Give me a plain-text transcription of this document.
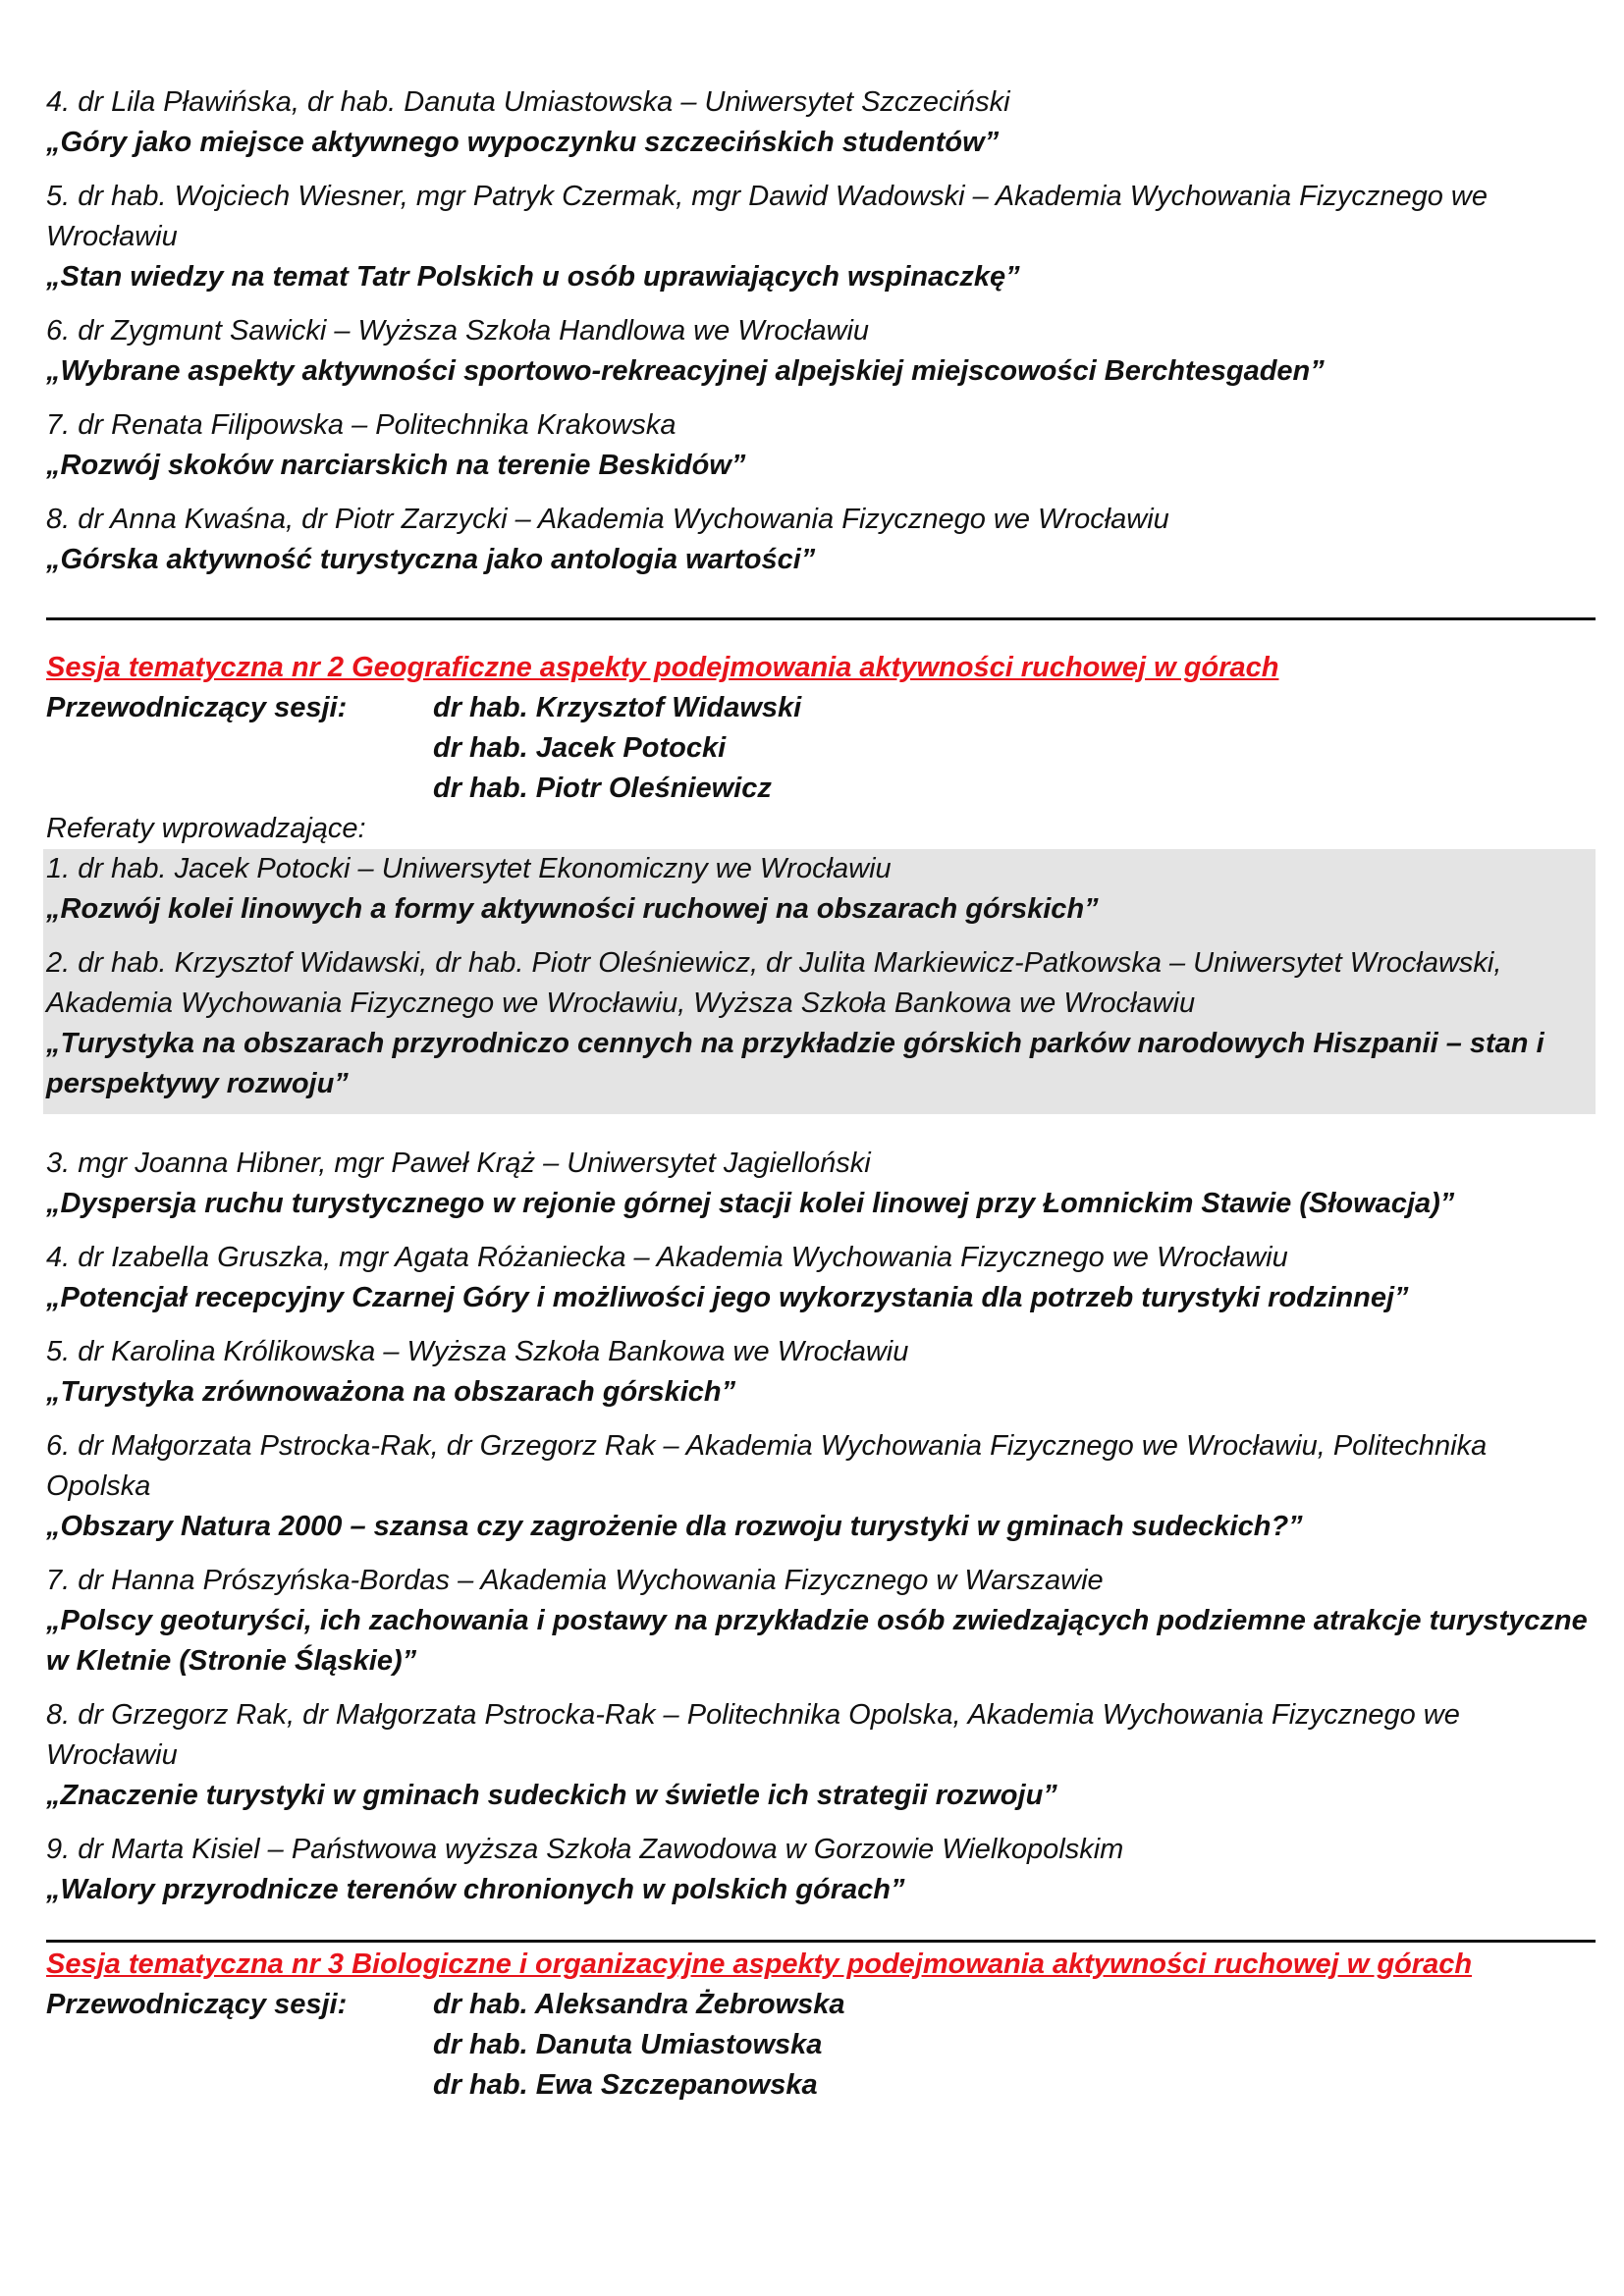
4. dr Lila Pławińska, dr hab. Danuta Umiastowska – Uniwersytet Szczeciński
„Góry jako miejsce aktywnego wypoczynku szczecińskich studentów”
5. dr hab. Wojciech Wiesner, mgr Patryk Czermak, mgr Dawid Wadowski – Akademia Wychowania Fizycznego we Wrocławiu
„Stan wiedzy na temat Tatr Polskich u osób uprawiających wspinaczkę”
6. dr Zygmunt Sawicki – Wyższa Szkoła Handlowa we Wrocławiu
„Wybrane aspekty aktywności sportowo-rekreacyjnej alpejskiej miejscowości Berchtesgaden”
7. dr Renata Filipowska – Politechnika Krakowska
„Rozwój skoków narciarskich na terenie Beskidów”
8. dr Anna Kwaśna, dr Piotr Zarzycki – Akademia Wychowania Fizycznego we Wrocławiu
„Górska aktywność turystyczna jako antologia wartości”
Sesja tematyczna nr 2 Geograficzne aspekty podejmowania aktywności ruchowej w górach
Przewodniczący sesji:	dr hab. Krzysztof Widawski
dr hab. Jacek Potocki
dr hab. Piotr Oleśniewicz
Referaty wprowadzające:
1. dr hab. Jacek Potocki – Uniwersytet Ekonomiczny we Wrocławiu
„Rozwój kolei linowych a formy aktywności ruchowej na obszarach górskich”
2. dr hab. Krzysztof Widawski, dr hab. Piotr Oleśniewicz, dr Julita Markiewicz-Patkowska – Uniwersytet Wrocławski, Akademia Wychowania Fizycznego we Wrocławiu, Wyższa Szkoła Bankowa we Wrocławiu
„Turystyka na obszarach przyrodniczo cennych na przykładzie górskich parków narodowych Hiszpanii – stan i perspektywy rozwoju”
3. mgr Joanna Hibner, mgr Paweł Krąż – Uniwersytet Jagielloński
„Dyspersja ruchu turystycznego w rejonie górnej stacji kolei linowej przy Łomnickim Stawie (Słowacja)”
4. dr Izabella Gruszka, mgr Agata Różaniecka – Akademia Wychowania Fizycznego we Wrocławiu
„Potencjał recepcyjny Czarnej Góry i możliwości jego wykorzystania dla potrzeb turystyki rodzinnej”
5. dr Karolina Królikowska – Wyższa Szkoła Bankowa we Wrocławiu
„Turystyka zrównoważona na obszarach górskich”
6. dr Małgorzata Pstrocka-Rak, dr Grzegorz Rak – Akademia Wychowania Fizycznego we Wrocławiu, Politechnika Opolska
„Obszary Natura 2000 – szansa czy zagrożenie dla rozwoju turystyki w gminach sudeckich?”
7. dr Hanna Prószyńska-Bordas – Akademia Wychowania Fizycznego w Warszawie
„Polscy geoturyści, ich zachowania i postawy na przykładzie osób zwiedzających podziemne atrakcje turystyczne w Kletnie (Stronie Śląskie)”
8. dr Grzegorz Rak, dr Małgorzata Pstrocka-Rak – Politechnika Opolska, Akademia Wychowania Fizycznego we Wrocławiu
„Znaczenie turystyki w gminach sudeckich w świetle ich strategii rozwoju”
9. dr Marta Kisiel – Państwowa wyższa Szkoła Zawodowa w Gorzowie Wielkopolskim
„Walory przyrodnicze terenów chronionych w polskich górach”
Sesja tematyczna nr 3 Biologiczne i organizacyjne aspekty podejmowania aktywności ruchowej w górach
Przewodniczący sesji:	dr hab. Aleksandra Żebrowska
dr hab. Danuta Umiastowska
dr hab. Ewa Szczepanowska
